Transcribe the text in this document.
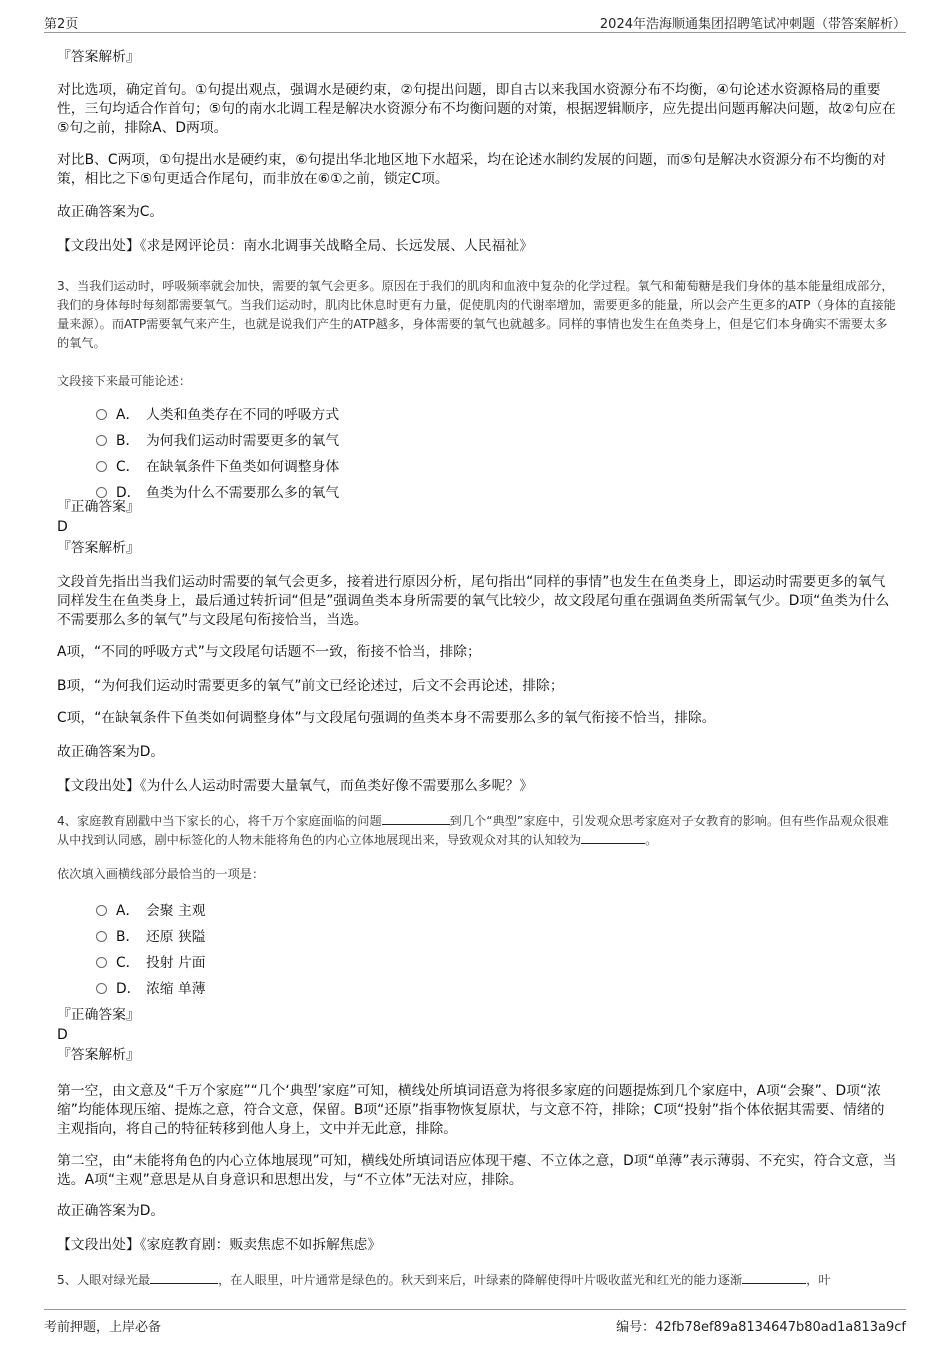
第2页	2024年浩海顺通集团招聘笔试冲刺题（带答案解析）

『答案解析』

对比选项，确定首句。①句提出观点，强调水是硬约束，②句提出问题，即自古以来我国水资源分布不均衡，④句论述水资源格局的重要性，三句均适合作首句；⑤句的南水北调工程是解决水资源分布不均衡问题的对策，根据逻辑顺序，应先提出问题再解决问题，故②句应在⑤句之前，排除A、D两项。

对比B、C两项，①句提出水是硬约束，⑥句提出华北地区地下水超采，均在论述水制约发展的问题，而⑤句是解决水资源分布不均衡的对策，相比之下⑤句更适合作尾句，而非放在⑥①之前，锁定C项。

故正确答案为C。

【文段出处】《求是网评论员：南水北调事关战略全局、长远发展、人民福祉》

3、当我们运动时，呼吸频率就会加快，需要的氧气会更多。原因在于我们的肌肉和血液中复杂的化学过程。氧气和葡萄糖是我们身体的基本能量组成部分，我们的身体每时每刻都需要氧气。当我们运动时，肌肉比休息时更有力量，促使肌肉的代谢率增加，需要更多的能量，所以会产生更多的ATP（身体的直接能量来源）。而ATP需要氧气来产生，也就是说我们产生的ATP越多，身体需要的氧气也就越多。同样的事情也发生在鱼类身上，但是它们本身确实不需要太多的氧气。

文段接下来最可能论述：

A． 人类和鱼类存在不同的呼吸方式
B． 为何我们运动时需要更多的氧气
C． 在缺氧条件下鱼类如何调整身体
D． 鱼类为什么不需要那么多的氧气

『正确答案』

D

『答案解析』

文段首先指出当我们运动时需要的氧气会更多，接着进行原因分析，尾句指出“同样的事情”也发生在鱼类身上，即运动时需要更多的氧气同样发生在鱼类身上，最后通过转折词“但是”强调鱼类本身所需要的氧气比较少，故文段尾句重在强调鱼类所需氧气少。D项“鱼类为什么不需要那么多的氧气”与文段尾句衔接恰当，当选。

A项，“不同的呼吸方式”与文段尾句话题不一致，衔接不恰当，排除；

B项，“为何我们运动时需要更多的氧气”前文已经论述过，后文不会再论述，排除；

C项，“在缺氧条件下鱼类如何调整身体”与文段尾句强调的鱼类本身不需要那么多的氧气衔接不恰当，排除。

故正确答案为D。

【文段出处】《为什么人运动时需要大量氧气，而鱼类好像不需要那么多呢？》

4、家庭教育剧戳中当下家长的心，将千万个家庭面临的问题	到几个“典型”家庭中，引发观众思考家庭对子女教育的影响。但有些作品观众很难从中找到认同感，剧中标签化的人物未能将角色的内心立体地展现出来，导致观众对其的认知较为	。

依次填入画横线部分最恰当的一项是：

A． 会聚 主观
B． 还原 狭隘
C． 投射 片面
D． 浓缩 单薄

『正确答案』

D

『答案解析』

第一空，由文意及“千万个家庭”“几个‘典型’家庭”可知，横线处所填词语意为将很多家庭的问题提炼到几个家庭中，A项“会聚”、D项“浓缩”均能体现压缩、提炼之意，符合文意，保留。B项“还原”指事物恢复原状，与文意不符，排除；C项“投射”指个体依据其需要、情绪的主观指向，将自己的特征转移到他人身上，文中并无此意，排除。

第二空，由“未能将角色的内心立体地展现”可知，横线处所填词语应体现干瘪、不立体之意，D项“单薄”表示薄弱、不充实，符合文意，当选。A项“主观”意思是从自身意识和思想出发，与“不立体”无法对应，排除。

故正确答案为D。

【文段出处】《家庭教育剧：贩卖焦虑不如拆解焦虑》

5、人眼对绿光最	，在人眼里，叶片通常是绿色的。秋天到来后，叶绿素的降解使得叶片吸收蓝光和红光的能力逐渐	，叶

考前押题，上岸必备	编号：42fb78ef89a8134647b80ad1a813a9cf
